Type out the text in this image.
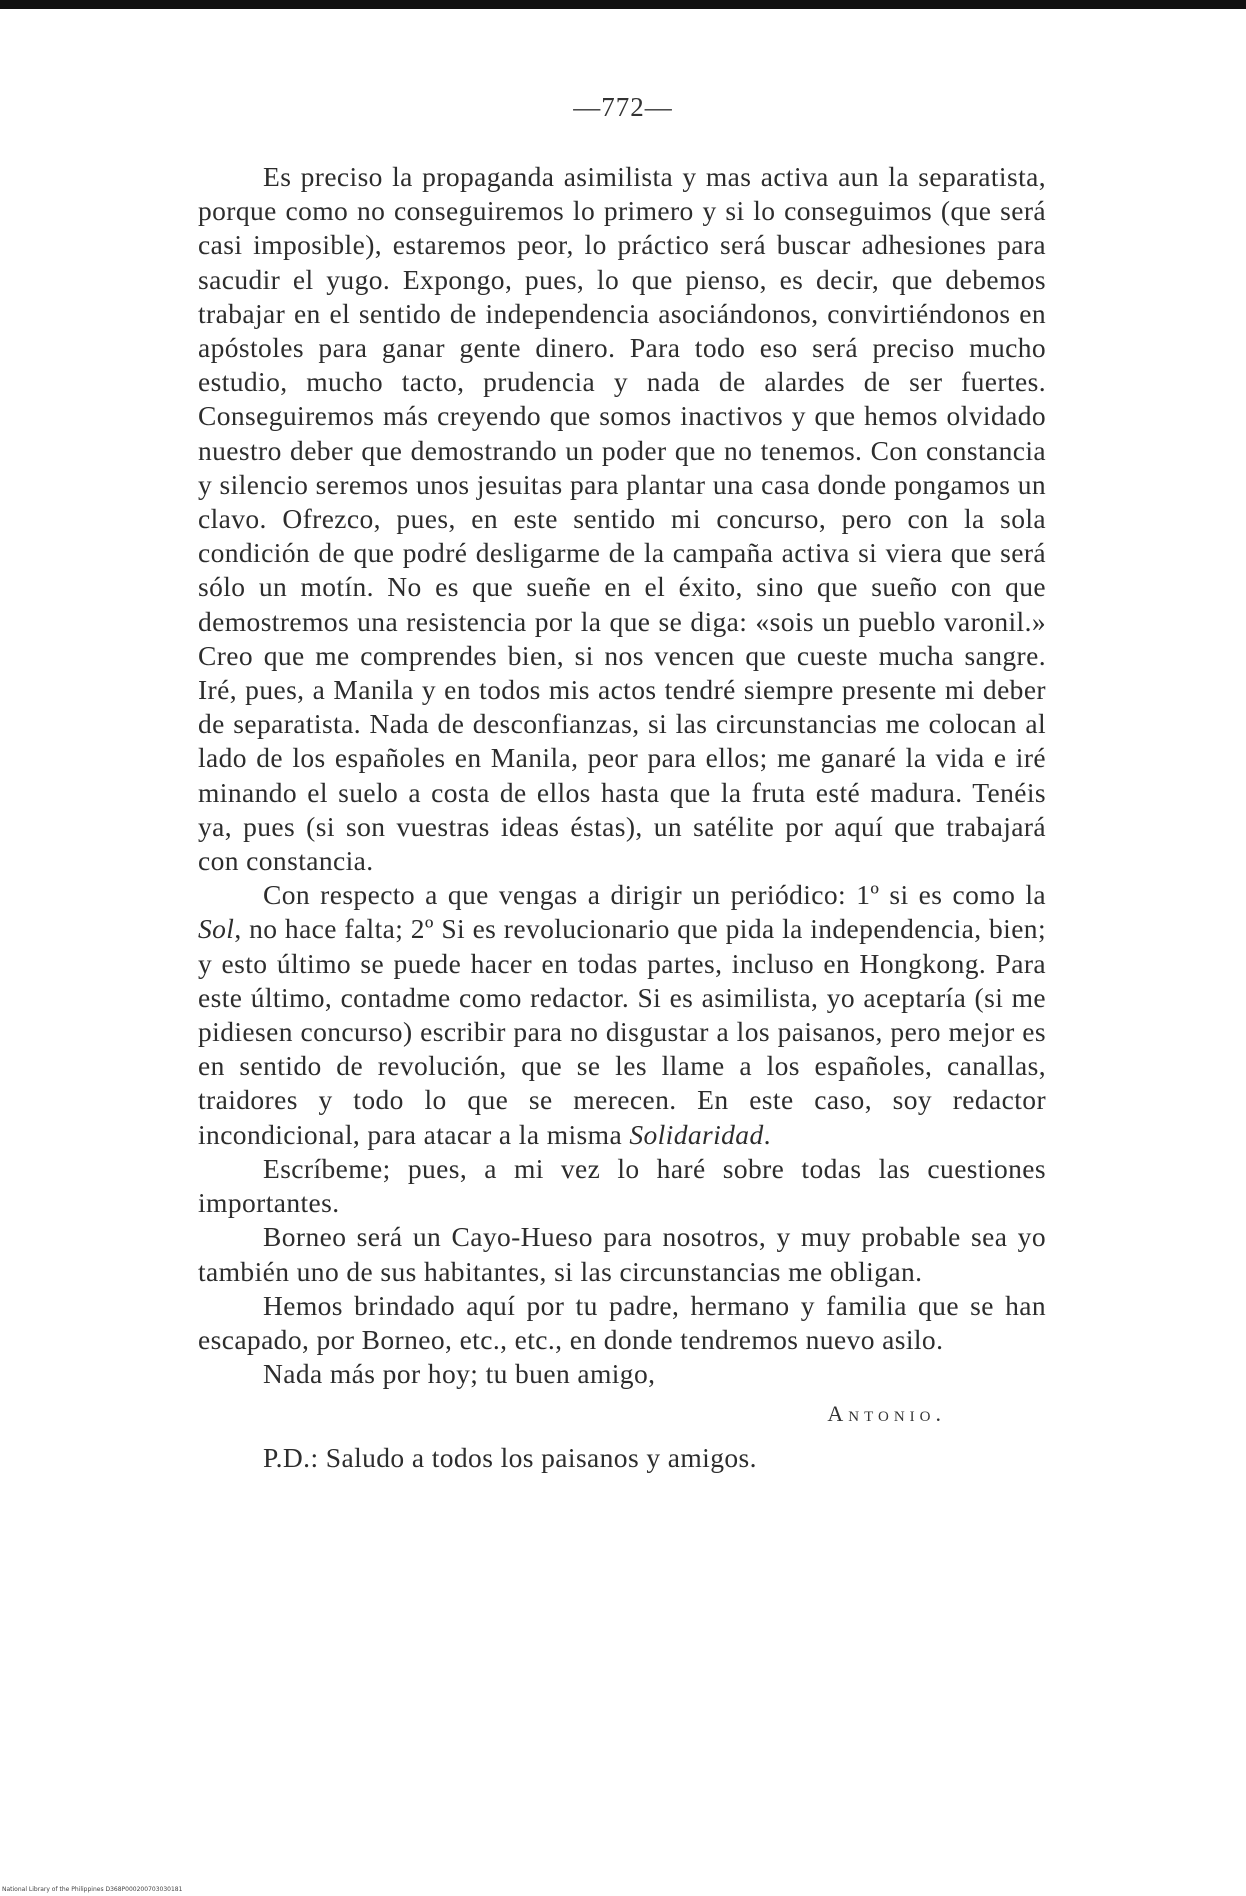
—772—

Es preciso la propaganda asimilista y mas activa aun la separatista, porque como no conseguiremos lo primero y si lo conseguimos (que será casi imposible), estaremos peor, lo práctico será buscar adhesiones para sacudir el yugo. Expongo, pues, lo que pienso, es decir, que debemos trabajar en el sentido de independencia asociándonos, convirtiéndonos en apóstoles para ganar gente dinero. Para todo eso será preciso mucho estudio, mucho tacto, prudencia y nada de alardes de ser fuertes. Conseguiremos más creyendo que somos inactivos y que hemos olvidado nuestro deber que demostrando un poder que no tenemos. Con constancia y silencio seremos unos jesuitas para plantar una casa donde pongamos un clavo. Ofrezco, pues, en este sentido mi concurso, pero con la sola condición de que podré desligarme de la campaña activa si viera que será sólo un motín. No es que sueñe en el éxito, sino que sueño con que demostremos una resistencia por la que se diga: «sois un pueblo varonil.» Creo que me comprendes bien, si nos vencen que cueste mucha sangre. Iré, pues, a Manila y en todos mis actos tendré siempre presente mi deber de separatista. Nada de desconfianzas, si las circunstancias me colocan al lado de los españoles en Manila, peor para ellos; me ganaré la vida e iré minando el suelo a costa de ellos hasta que la fruta esté madura. Tenéis ya, pues (si son vuestras ideas éstas), un satélite por aquí que trabajará con constancia.

Con respecto a que vengas a dirigir un periódico: 1º si es como la Sol, no hace falta; 2º Si es revolucionario que pida la independencia, bien; y esto último se puede hacer en todas partes, incluso en Hongkong. Para este último, contadme como redactor. Si es asimilista, yo aceptaría (si me pidiesen concurso) escribir para no disgustar a los paisanos, pero mejor es en sentido de revolución, que se les llame a los españoles, canallas, traidores y todo lo que se merecen. En este caso, soy redactor incondicional, para atacar a la misma Solidaridad.

Escríbeme; pues, a mi vez lo haré sobre todas las cuestiones importantes.

Borneo será un Cayo-Hueso para nosotros, y muy probable sea yo también uno de sus habitantes, si las circunstancias me obligan.

Hemos brindado aquí por tu padre, hermano y familia que se han escapado, por Borneo, etc., etc., en donde tendremos nuevo asilo.

Nada más por hoy; tu buen amigo,

Antonio.

P.D.: Saludo a todos los paisanos y amigos.

National Library of the Philippines D368P000200703030181
